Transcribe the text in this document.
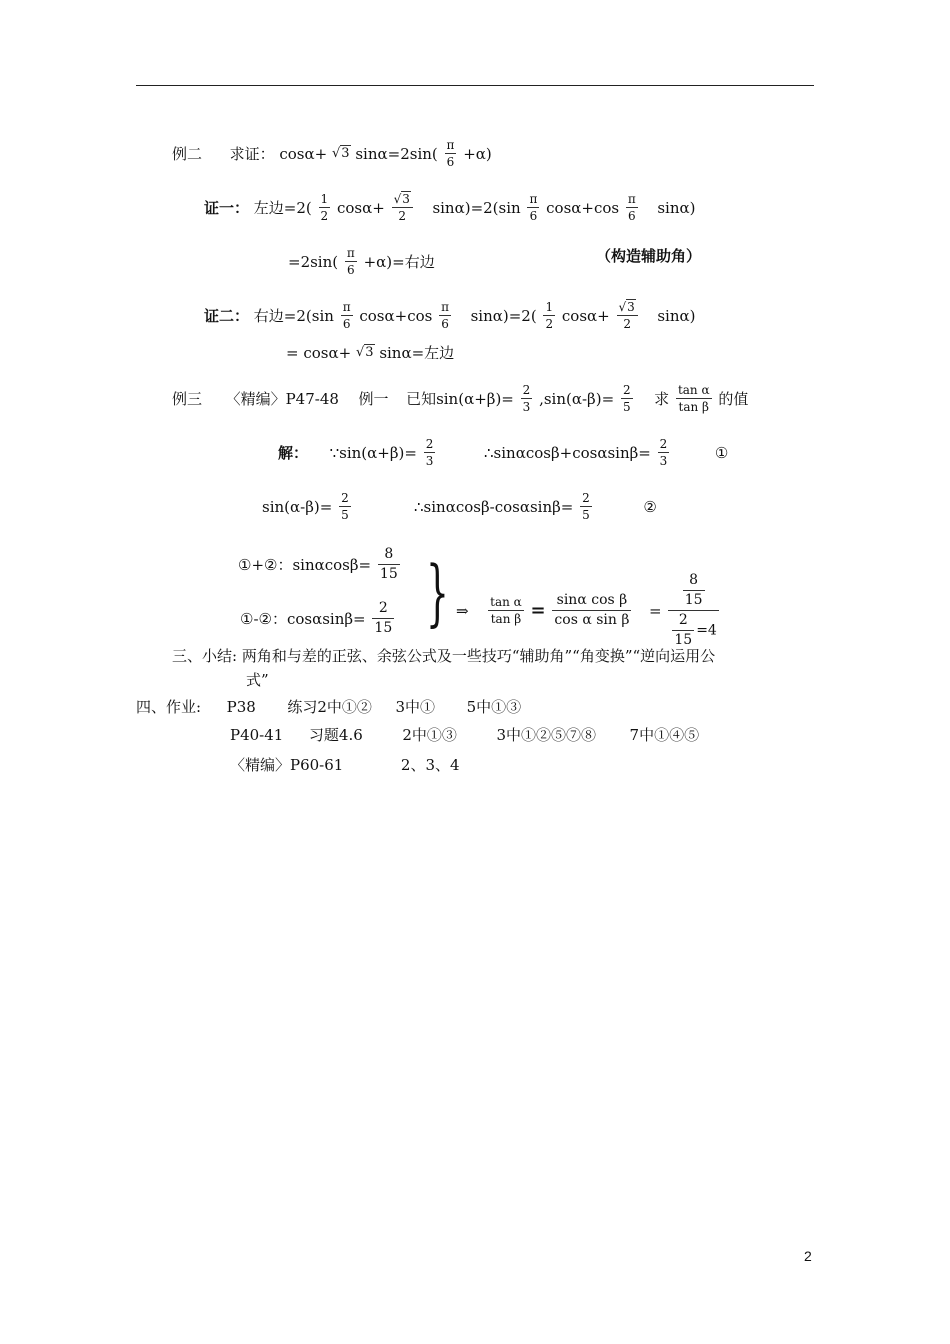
例二 求证： cosα+ √3 $\sin\alpha=2\sin( \frac{\pi}{6} +\alpha)$
证一： 左边$=2( \frac{1}{2} \cos\alpha+ \frac{√3}{2} \sin\alpha)=2(\sin \frac{\pi}{6} \cos\alpha+\cos \frac{\pi}{6} \sin\alpha)$
$=2\sin( \frac{\pi}{6} +\alpha)=$右边	（构造辅助角）
证二： 右边$=2(\sin \frac{\pi}{6} \cos\alpha+\cos \frac{\pi}{6} \sin\alpha)=2( \frac{1}{2} \cos\alpha+ \frac{√3}{2} \sin\alpha)$
= cosα+ √3 sinα=左边
例三 〈精编〉P47-48 例一 已知$\sin(\alpha+\beta)= \frac{2}{3} ,\sin(\alpha-\beta)= \frac{2}{5}$ 求 $\frac{\text{tan α}}{\text{tan β}}$ 的值
解： ∵sin(α+β)= $\frac{2}{3}$	∴sinαcosβ+cosαsinβ= $\frac{2}{3}$	①
$\sin(\alpha-\beta)= \frac{2}{5}$	∴sinαcosβ-cosαsinβ= $\frac{2}{5}$	②
①+②：$\sin\alpha\cos\beta= \frac{8}{15}$
①-②：$\cos\alpha\sin\beta= \frac{2}{15}$ } ⇒ $\frac{\text{tan α}}{\text{tan β}} = \frac{\text{sinα cos β}}{\text{cos α sin β}} = \frac{\frac{8}{15}}{\frac{2}{15} =4}$
三、小结: 两角和与差的正弦、余弦公式及一些技巧“辅助角”“角变换”“逆向运用公
式”
四、作业: P38 练习2中①② 3中① 5中①③
P40-41 习题4.6	2中①③	3中①②⑤⑦⑧ 7中①④⑤
〈精编〉P60-61	2、3、4
2
